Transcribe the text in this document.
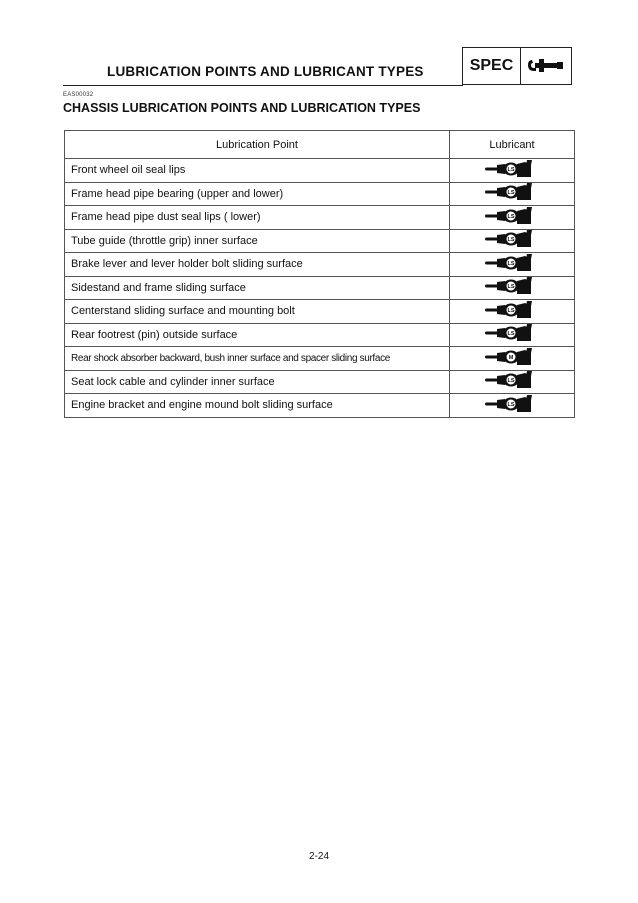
LUBRICATION POINTS AND LUBRICANT TYPES	SPEC
EAS00032
CHASSIS LUBRICATION POINTS AND LUBRICATION TYPES
Lubrication Point	Lubricant
Front wheel oil seal lips	LS

Frame head pipe bearing (upper and lower)	LS

Frame head pipe dust seal lips ( lower)	LS

Tube guide (throttle grip) inner surface	LS

Brake lever and lever holder bolt sliding surface	LS

Sidestand and frame sliding surface	LS

Centerstand sliding surface and mounting bolt	LS

Rear footrest (pin) outside surface	LS

Rear shock absorber backward, bush inner surface and spacer sliding surface	M

Seat lock cable and cylinder inner surface	LS

Engine bracket and engine mound bolt sliding surface	LS
2-24
